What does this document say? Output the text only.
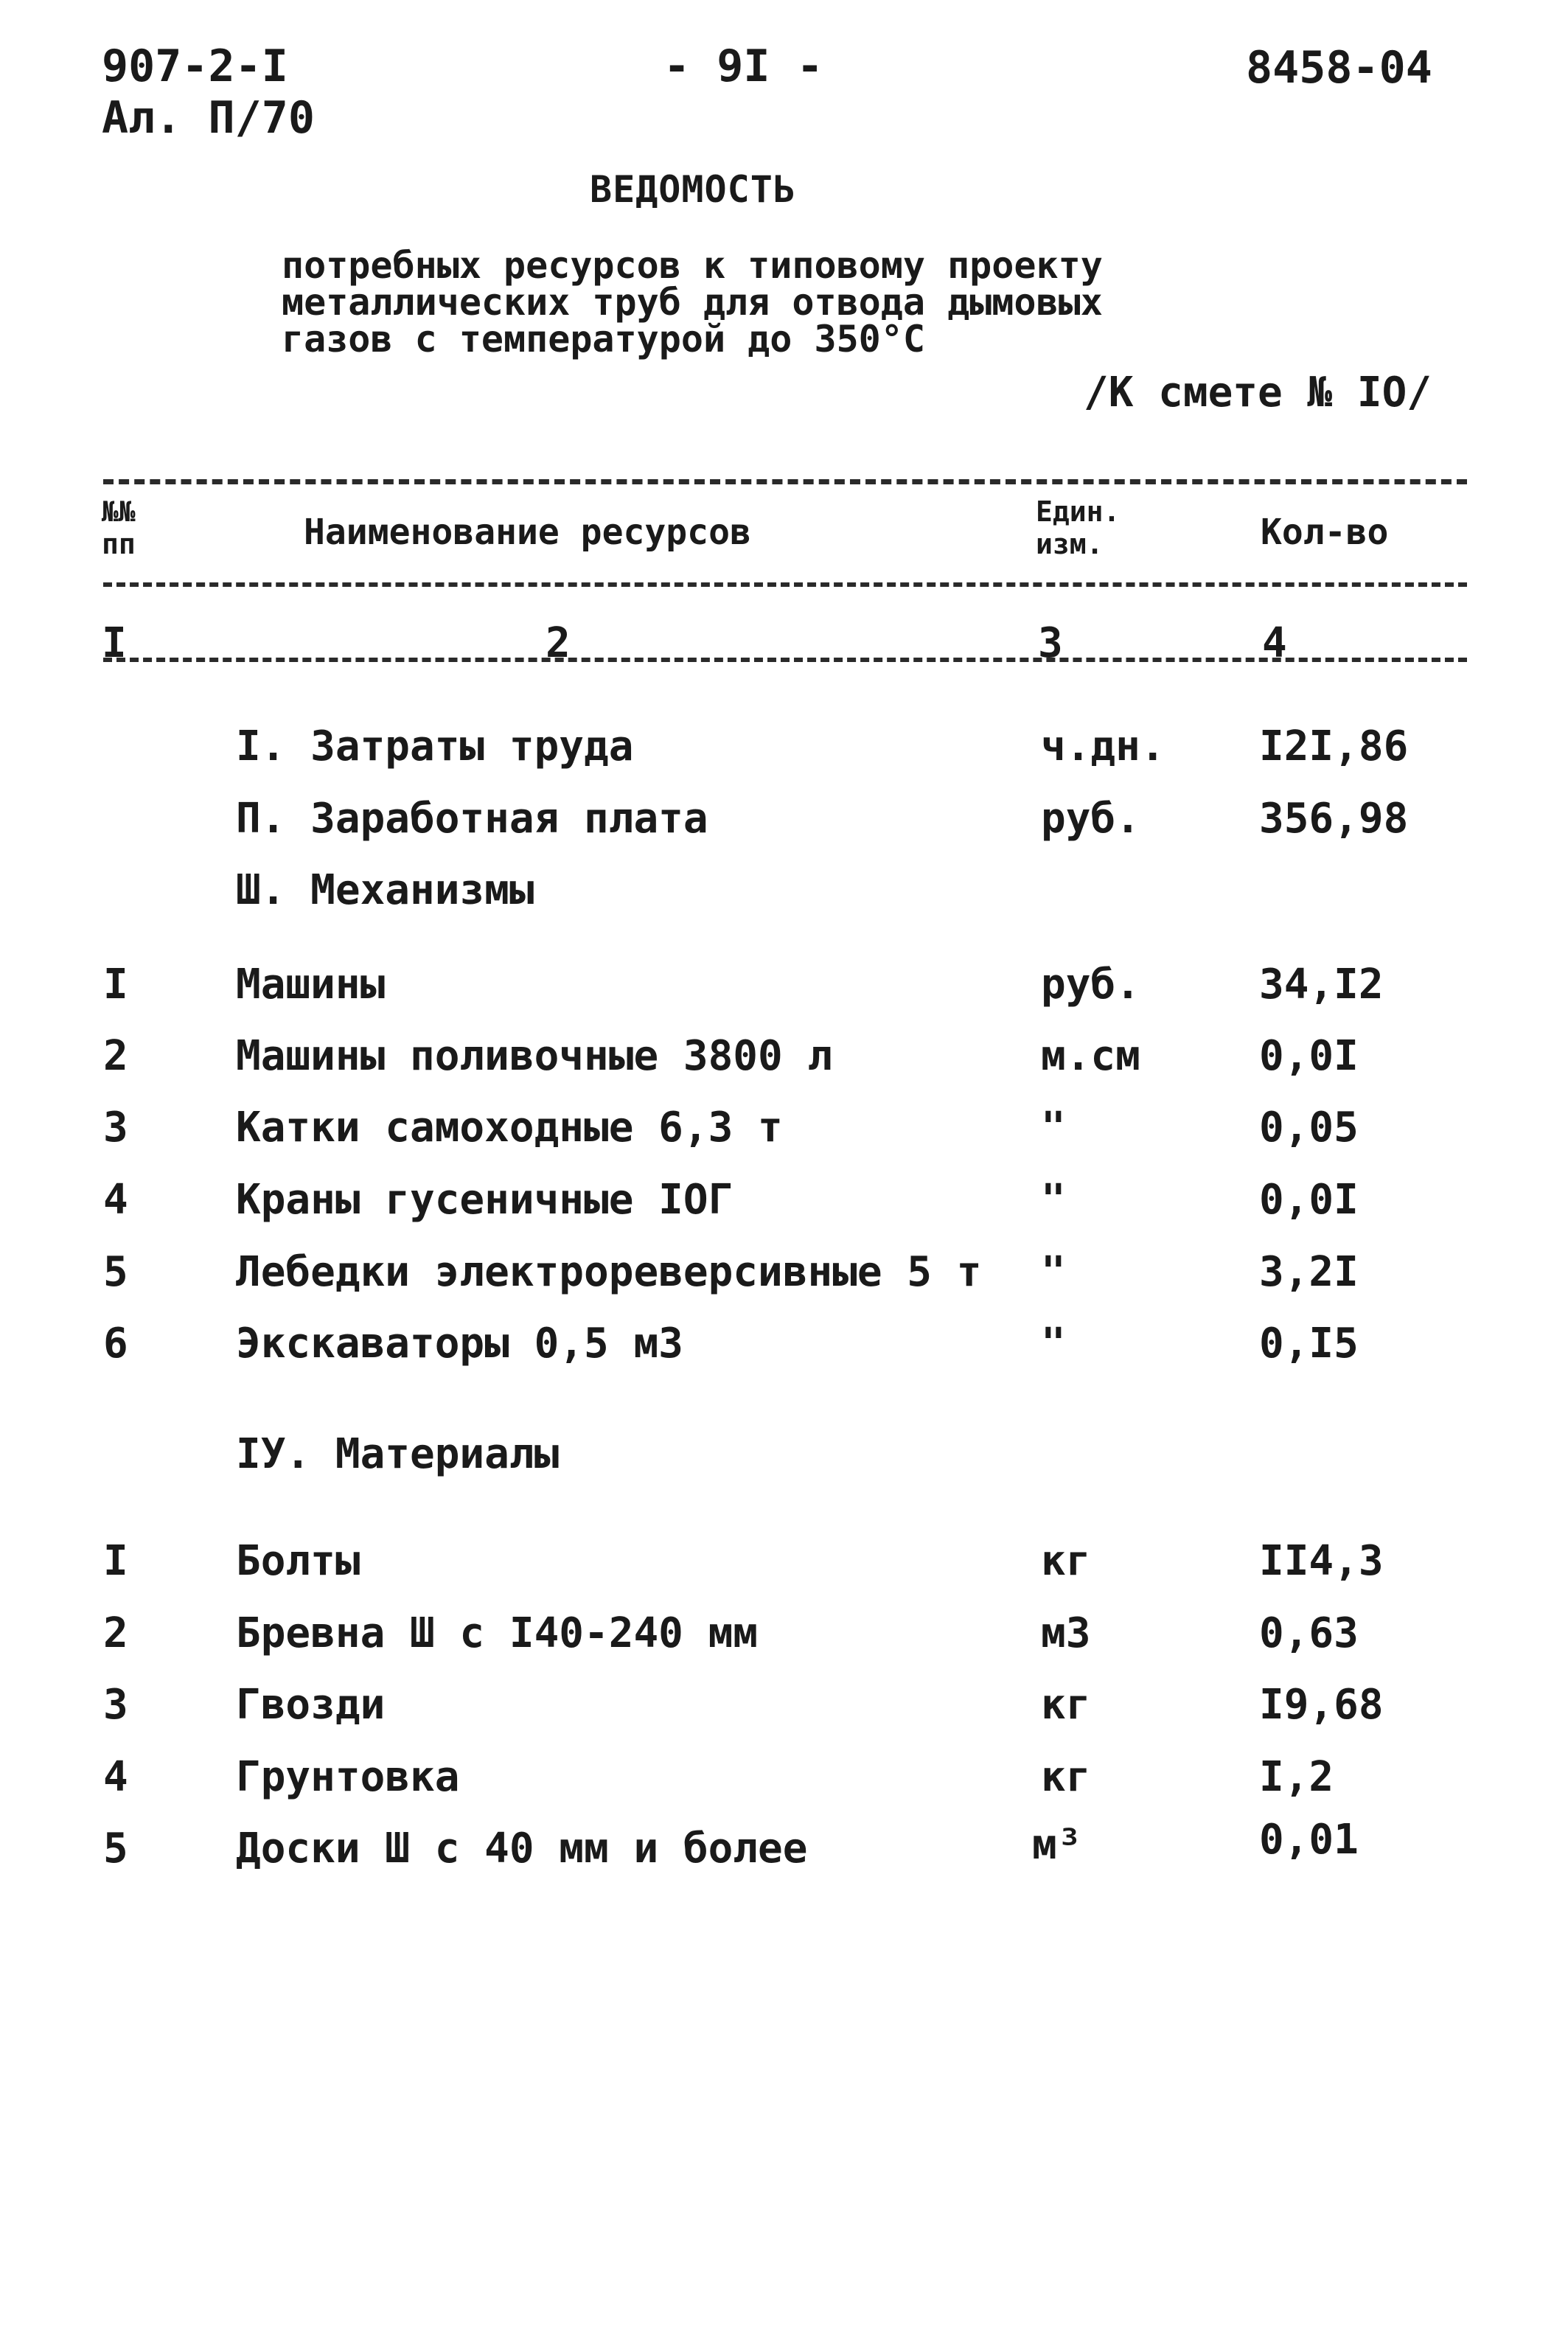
907-2-I
Ал. П/70
- 9I -	8458-04
ВЕДОМОСТЬ
потребных ресурсов к типовому проекту
металлических труб для отвода дымовых
газов с температурой до 350°С
/К смете № IO/
№№
пп	Наименование ресурсов	Един.
изм.	Кол-во
I	2	3	4
I. Затраты труда	ч.дн. I2I,86
П. Заработная плата	руб.	356,98
Ш. Механизмы
I	Машины	руб.	34,I2
2	Машины поливочные 3800 л	м.см	0,0I
3	Катки самоходные 6,3 т	"	0,05
4	Краны гусеничные IОГ	"	0,0I
5	Лебедки электрореверсивные 5 т "	3,2I
6	Экскаваторы 0,5 м3	"	0,I5
IУ. Материалы
I	Болты	кг	II4,3
2	Бревна Ш с I40-240 мм	м3	0,63
3	Гвозди	кг	I9,68
4	Грунтовка	кг	I,2
5	Доски Ш с 40 мм и более	м³	0,01
